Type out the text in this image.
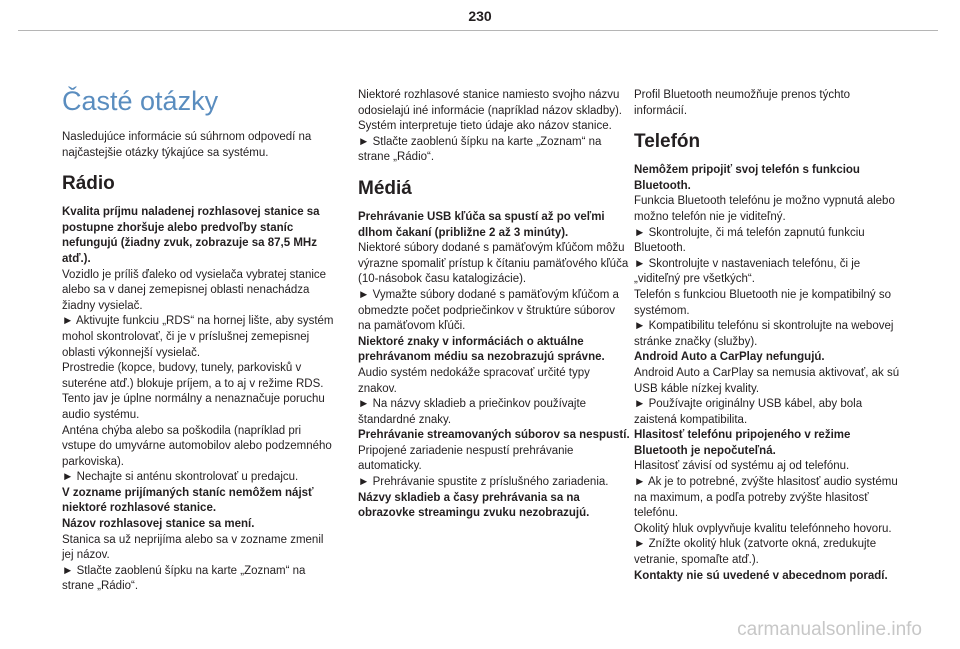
230
Časté otázky

Nasledujúce informácie sú súhrnom odpovedí na najčastejšie otázky týkajúce sa systému.

Rádio
Kvalita príjmu naladenej rozhlasovej stanice sa postupne zhoršuje alebo predvoľby staníc nefungujú (žiadny zvuk, zobrazuje sa 87,5 MHz atď.).

Vozidlo je príliš ďaleko od vysielača vybratej stanice alebo sa v danej zemepisnej oblasti nenachádza žiadny vysielač.

► Aktivujte funkciu „RDS“ na hornej lište, aby systém mohol skontrolovať, či je v príslušnej zemepisnej oblasti výkonnejší vysielač.

Prostredie (kopce, budovy, tunely, parkovisků v suteréne atď.) blokuje príjem, a to aj v režime RDS.

Tento jav je úplne normálny a nenaznačuje poruchu audio systému.

Anténa chýba alebo sa poškodila (napríklad pri vstupe do umyvárne automobilov alebo podzemného parkoviska).

► Nechajte si anténu skontrolovať u predajcu.

V zozname prijímaných staníc nemôžem nájsť niektoré rozhlasové stanice.
Názov rozhlasovej stanice sa mení.

Stanica sa už neprijíma alebo sa v zozname zmenil jej názov.

► Stlačte zaoblenú šípku na karte „Zoznam“ na strane „Rádio“.

Niektoré rozhlasové stanice namiesto svojho názvu odosielajú iné informácie (napríklad názov skladby).

Systém interpretuje tieto údaje ako názov stanice.

► Stlačte zaoblenú šípku na karte „Zoznam“ na strane „Rádio“.

Médiá
Prehrávanie USB kľúča sa spustí až po veľmi dlhom čakaní (približne 2 až 3 minúty).

Niektoré súbory dodané s pamäťovým kľúčom môžu výrazne spomaliť prístup k čítaniu pamäťového kľúča (10-násobok času katalogizácie).

► Vymažte súbory dodané s pamäťovým kľúčom a obmedzte počet podpriečinkov v štruktúre súborov na pamäťovom kľúči.

Niektoré znaky v informáciách o aktuálne prehrávanom médiu sa nezobrazujú správne.

Audio systém nedokáže spracovať určité typy znakov.

► Na názvy skladieb a priečinkov používajte štandardné znaky.

Prehrávanie streamovaných súborov sa nespustí.

Pripojené zariadenie nespustí prehrávanie automaticky.

► Prehrávanie spustite z príslušného zariadenia.

Názvy skladieb a časy prehrávania sa na obrazovke streamingu zvuku nezobrazujú.

Profil Bluetooth neumožňuje prenos týchto informácií.

Telefón
Nemôžem pripojiť svoj telefón s funkciou Bluetooth.

Funkcia Bluetooth telefónu je možno vypnutá alebo možno telefón nie je viditeľný.

► Skontrolujte, či má telefón zapnutú funkciu Bluetooth.

► Skontrolujte v nastaveniach telefónu, či je „viditeľný pre všetkých“.

Telefón s funkciou Bluetooth nie je kompatibilný so systémom.

► Kompatibilitu telefónu si skontrolujte na webovej stránke značky (služby).

Android Auto a CarPlay nefungujú.

Android Auto a CarPlay sa nemusia aktivovať, ak sú USB káble nízkej kvality.

► Používajte originálny USB kábel, aby bola zaistená kompatibilita.

Hlasitosť telefónu pripojeného v režime Bluetooth je nepočuteľná.

Hlasitosť závisí od systému aj od telefónu.

► Ak je to potrebné, zvýšte hlasitosť audio systému na maximum, a podľa potreby zvýšte hlasitosť telefónu.

Okolitý hluk ovplyvňuje kvalitu telefónneho hovoru.

► Znížte okolitý hluk (zatvorte okná, zredukujte vetranie, spomaľte atď.).

Kontakty nie sú uvedené v abecednom poradí.
carmanualsonline.info
